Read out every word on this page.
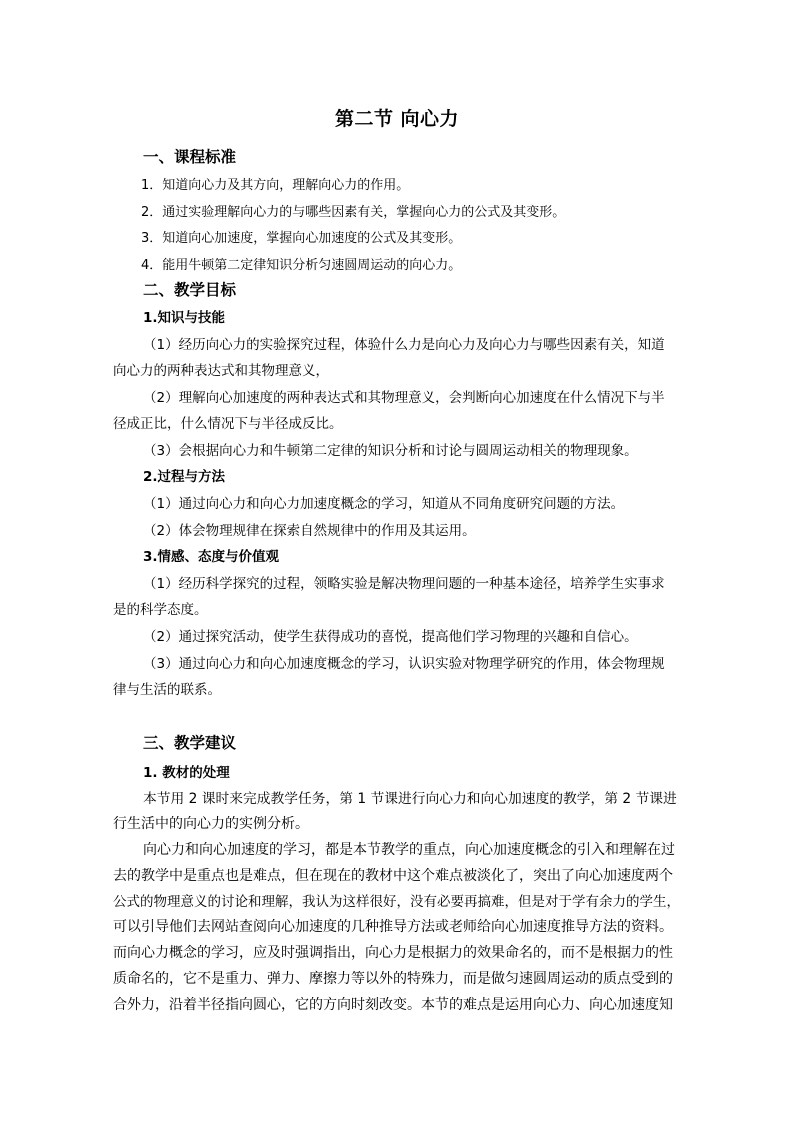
第二节 向心力
一、课程标准
1．知道向心力及其方向，理解向心力的作用。
2．通过实验理解向心力的与哪些因素有关，掌握向心力的公式及其变形。
3．知道向心加速度，掌握向心加速度的公式及其变形。
4．能用牛顿第二定律知识分析匀速圆周运动的向心力。
二、教学目标
1.知识与技能
（1）经历向心力的实验探究过程，体验什么力是向心力及向心力与哪些因素有关，知道
向心力的两种表达式和其物理意义，
（2）理解向心加速度的两种表达式和其物理意义，会判断向心加速度在什么情况下与半
径成正比，什么情况下与半径成反比。
（3）会根据向心力和牛顿第二定律的知识分析和讨论与圆周运动相关的物理现象。
2.过程与方法
（1）通过向心力和向心力加速度概念的学习，知道从不同角度研究问题的方法。
（2）体会物理规律在探索自然规律中的作用及其运用。
3.情感、态度与价值观
（1）经历科学探究的过程，领略实验是解决物理问题的一种基本途径，培养学生实事求
是的科学态度。
（2）通过探究活动，使学生获得成功的喜悦，提高他们学习物理的兴趣和自信心。
（3）通过向心力和向心加速度概念的学习，认识实验对物理学研究的作用，体会物理规
律与生活的联系。
三、教学建议
1. 教材的处理
本节用 2 课时来完成教学任务，第 1 节课进行向心力和向心加速度的教学，第 2 节课进
行生活中的向心力的实例分析。
向心力和向心加速度的学习，都是本节教学的重点，向心加速度概念的引入和理解在过
去的教学中是重点也是难点，但在现在的教材中这个难点被淡化了，突出了向心加速度两个
公式的物理意义的讨论和理解，我认为这样很好，没有必要再搞难，但是对于学有余力的学生，
可以引导他们去网站查阅向心加速度的几种推导方法或老师给向心加速度推导方法的资料。
而向心力概念的学习，应及时强调指出，向心力是根据力的效果命名的，而不是根据力的性
质命名的，它不是重力、弹力、摩擦力等以外的特殊力，而是做匀速圆周运动的质点受到的
合外力，沿着半径指向圆心，它的方向时刻改变。本节的难点是运用向心力、向心加速度知
